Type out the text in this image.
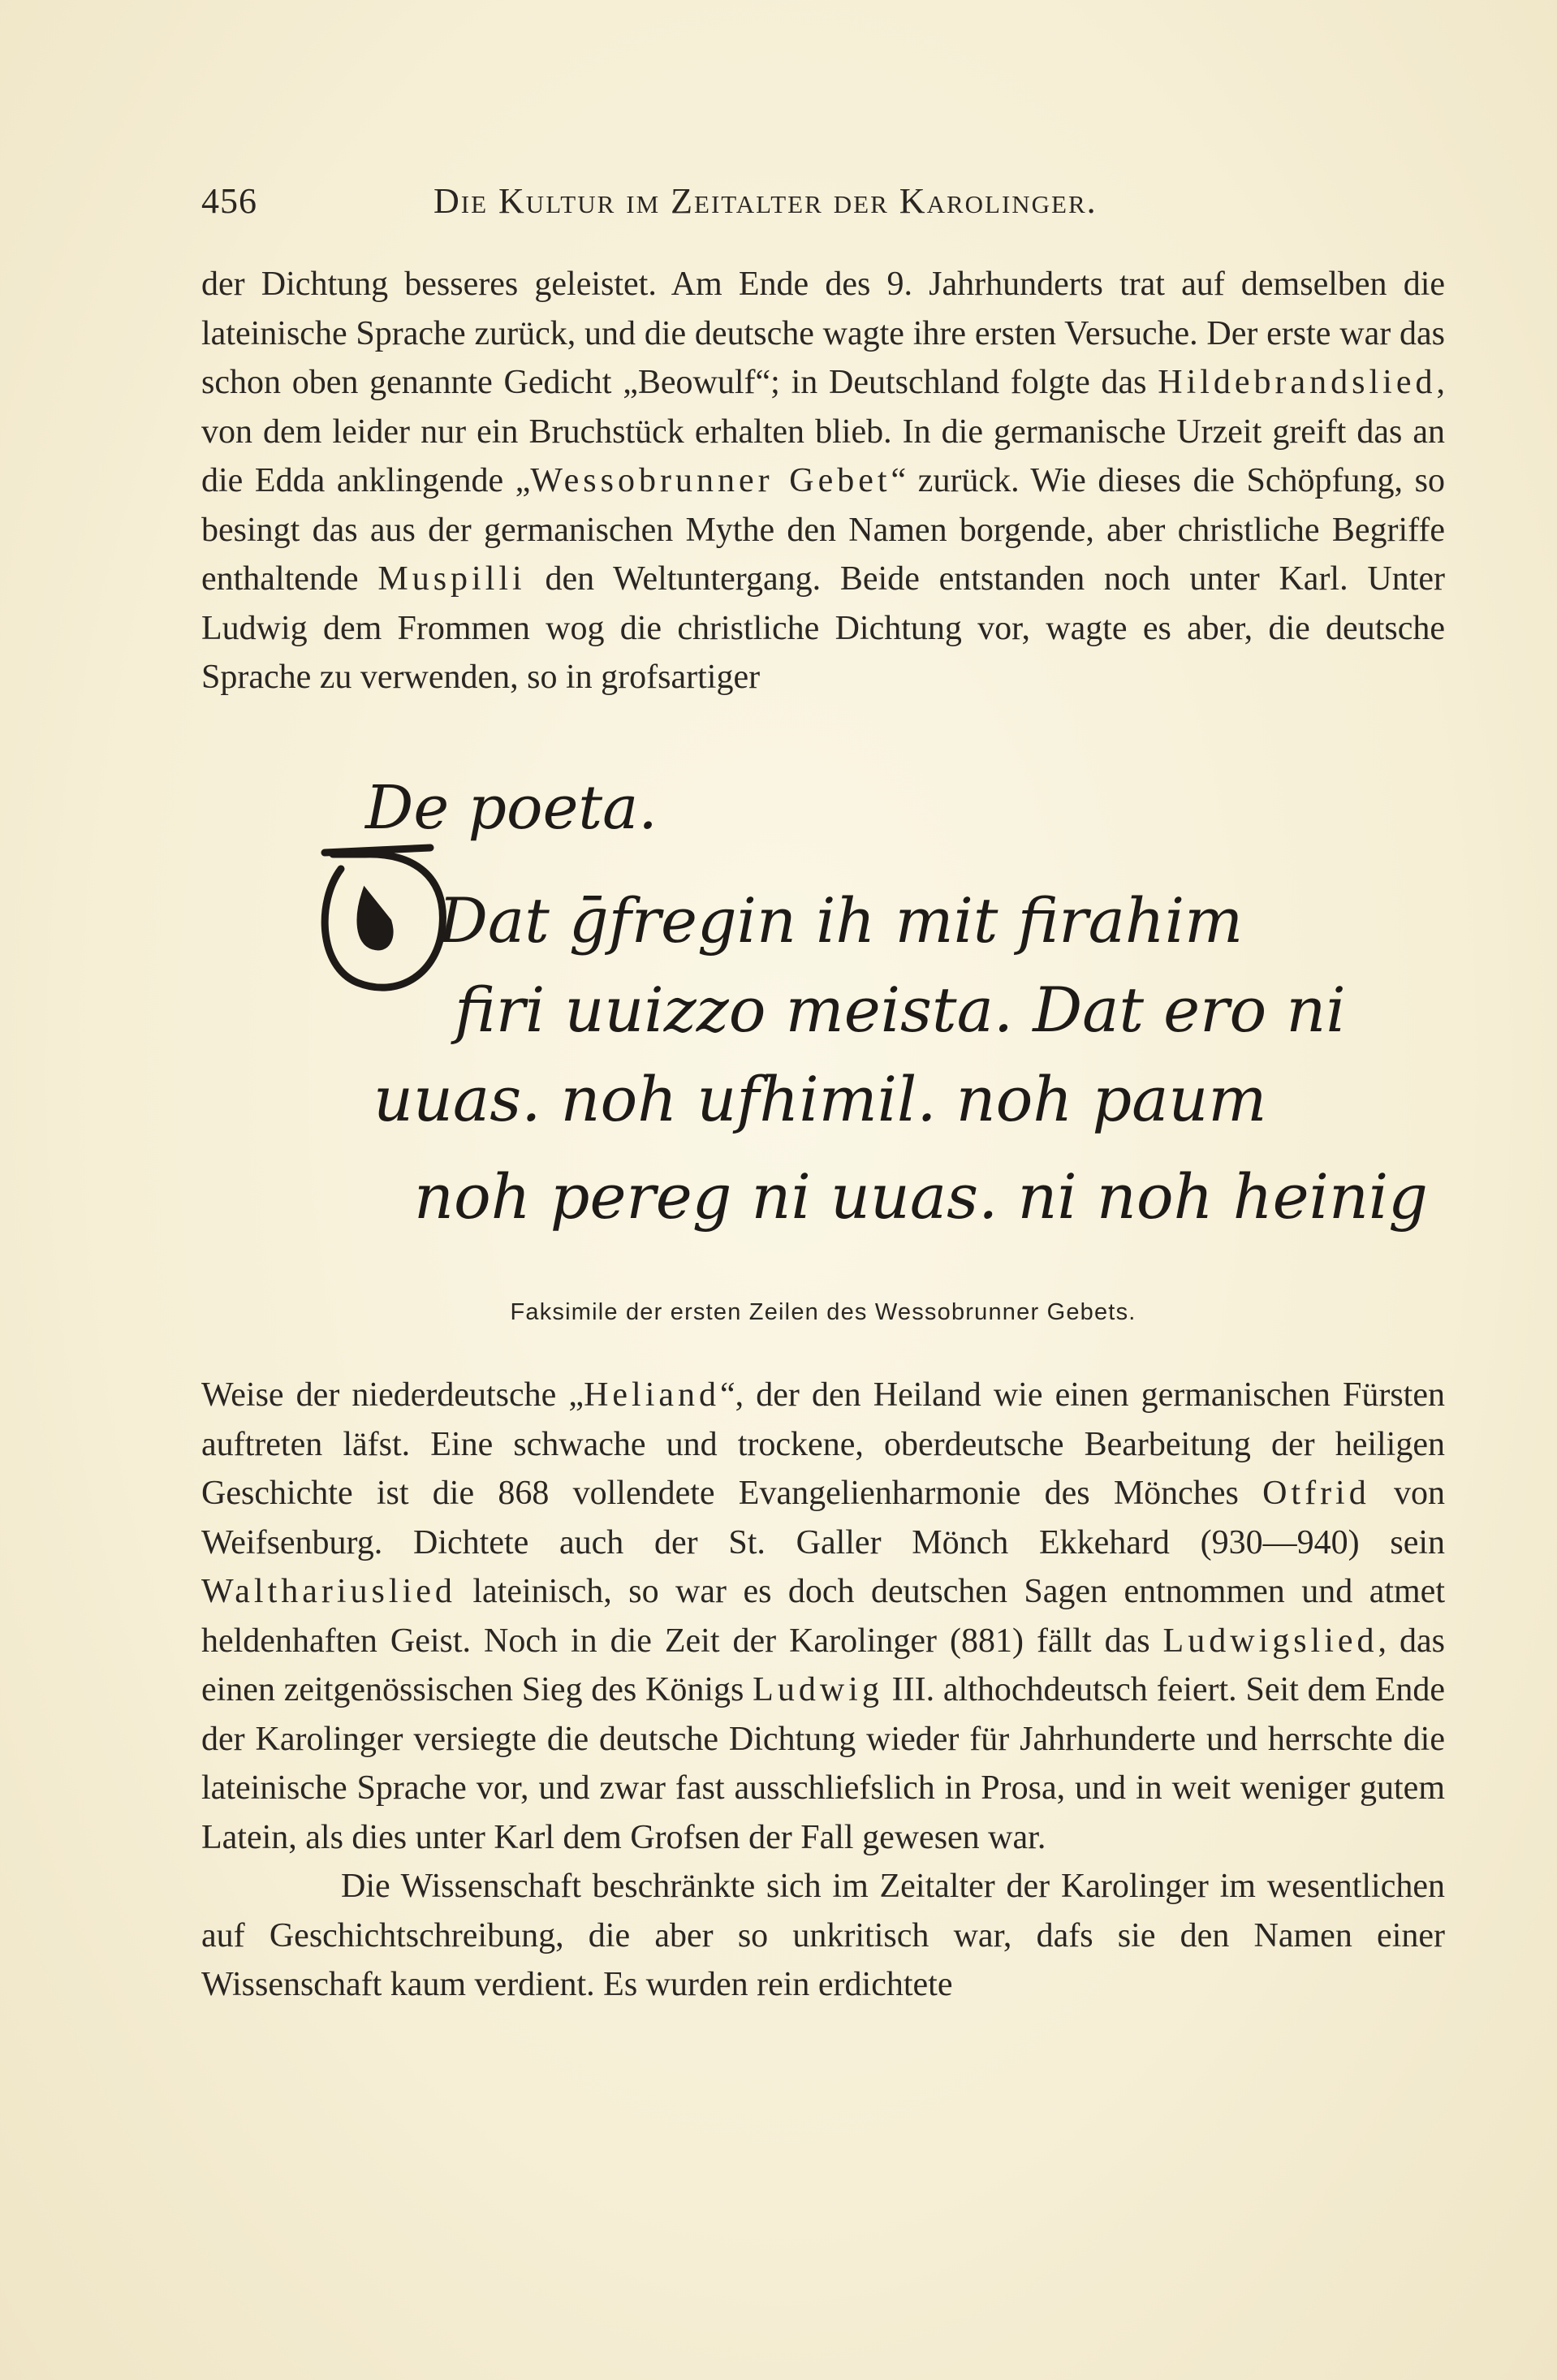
456	Die Kultur im Zeitalter der Karolinger.

der Dichtung besseres geleistet. Am Ende des 9. Jahrhunderts trat auf demselben die lateinische Sprache zurück, und die deutsche wagte ihre ersten Versuche. Der erste war das schon oben genannte Gedicht „Beowulf“; in Deutschland folgte das Hildebrandslied, von dem leider nur ein Bruchstück erhalten blieb. In die germanische Urzeit greift das an die Edda anklingende „Wessobrunner Gebet“ zurück. Wie dieses die Schöpfung, so besingt das aus der germanischen Mythe den Namen borgende, aber christliche Begriffe enthaltende Muspilli den Weltuntergang. Beide entstanden noch unter Karl. Unter Ludwig dem Frommen wog die christliche Dichtung vor, wagte es aber, die deutsche Sprache zu verwenden, so in grofsartiger

De poeta.
Dat ḡfregin ih mit firahim
firi uuizzo meista. Dat ero ni
uuas. noh ufhimil. noh paum
noh pereg ni uuas. ni noh heinig
Faksimile der ersten Zeilen des Wessobrunner Gebets.

Weise der niederdeutsche „Heliand“, der den Heiland wie einen germanischen Fürsten auftreten läfst. Eine schwache und trockene, oberdeutsche Bearbeitung der heiligen Geschichte ist die 868 vollendete Evangelienharmonie des Mönches Otfrid von Weifsenburg. Dichtete auch der St. Galler Mönch Ekkehard (930—940) sein Walthariuslied lateinisch, so war es doch deutschen Sagen entnommen und atmet heldenhaften Geist. Noch in die Zeit der Karolinger (881) fällt das Ludwigslied, das einen zeitgenössischen Sieg des Königs Ludwig III. althochdeutsch feiert. Seit dem Ende der Karolinger versiegte die deutsche Dichtung wieder für Jahrhunderte und herrschte die lateinische Sprache vor, und zwar fast ausschliefslich in Prosa, und in weit weniger gutem Latein, als dies unter Karl dem Grofsen der Fall gewesen war.

Die Wissenschaft beschränkte sich im Zeitalter der Karolinger im wesentlichen auf Geschichtschreibung, die aber so unkritisch war, dafs sie den Namen einer Wissenschaft kaum verdient. Es wurden rein erdichtete
